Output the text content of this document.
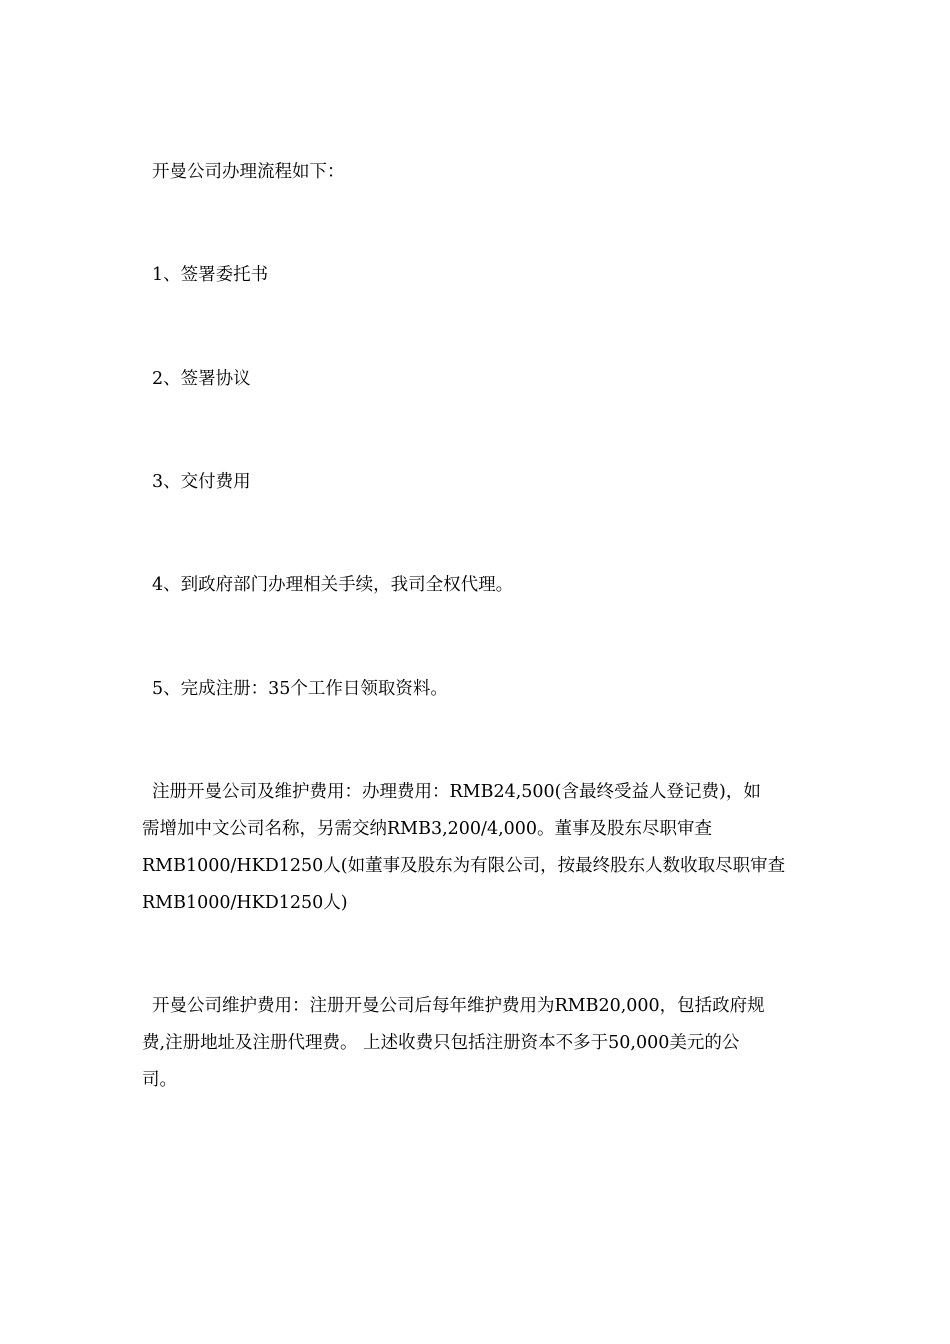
开曼公司办理流程如下：
1、签署委托书
2、签署协议
3、交付费用
4、到政府部门办理相关手续，我司全权代理。
5、完成注册：35个工作日领取资料。
注册开曼公司及维护费用：办理费用：RMB24,500(含最终受益人登记费)，如
需增加中文公司名称，另需交纳RMB3,200/4,000。董事及股东尽职审查
RMB1000/HKD1250人(如董事及股东为有限公司，按最终股东人数收取尽职审查
RMB1000/HKD1250人)
开曼公司维护费用：注册开曼公司后每年维护费用为RMB20,000，包括政府规
费,注册地址及注册代理费。 上述收费只包括注册资本不多于50,000美元的公
司。
